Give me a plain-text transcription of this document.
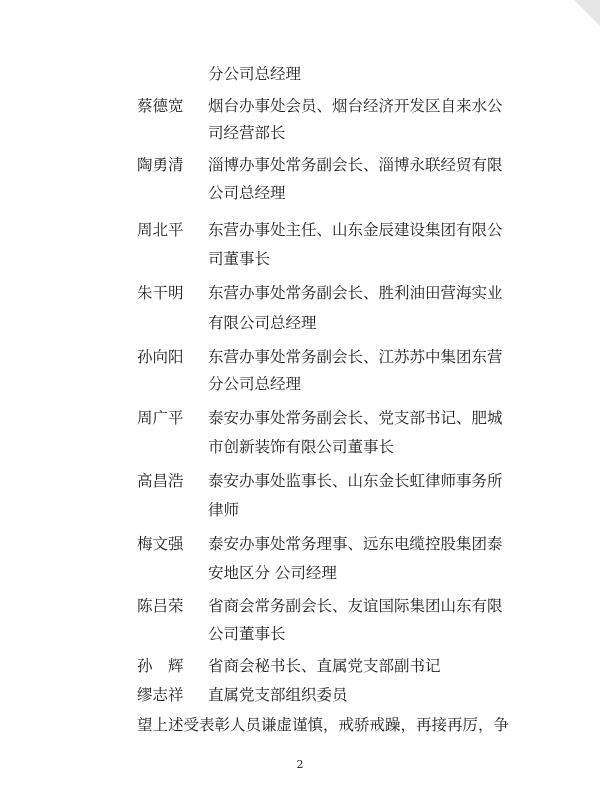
分公司总经理
蔡德宽	烟台办事处会员、烟台经济开发区自来水公
司经营部长
陶勇清	淄博办事处常务副会长、淄博永联经贸有限
公司总经理
周北平	东营办事处主任、山东金辰建设集团有限公
司董事长
朱干明	东营办事处常务副会长、胜利油田营海实业
有限公司总经理
孙向阳	东营办事处常务副会长、江苏苏中集团东营
分公司总经理
周广平	泰安办事处常务副会长、党支部书记、肥城
市创新装饰有限公司董事长
高昌浩	泰安办事处监事长、山东金长虹律师事务所
律师
梅文强	泰安办事处常务理事、远东电缆控股集团泰
安地区分 公司经理
陈吕荣	省商会常务副会长、友谊国际集团山东有限
公司董事长
孙　辉	省商会秘书长、直属党支部副书记
缪志祥	直属党支部组织委员
望上述受表彰人员谦虚谨慎，戒骄戒躁，再接再厉，争
2
